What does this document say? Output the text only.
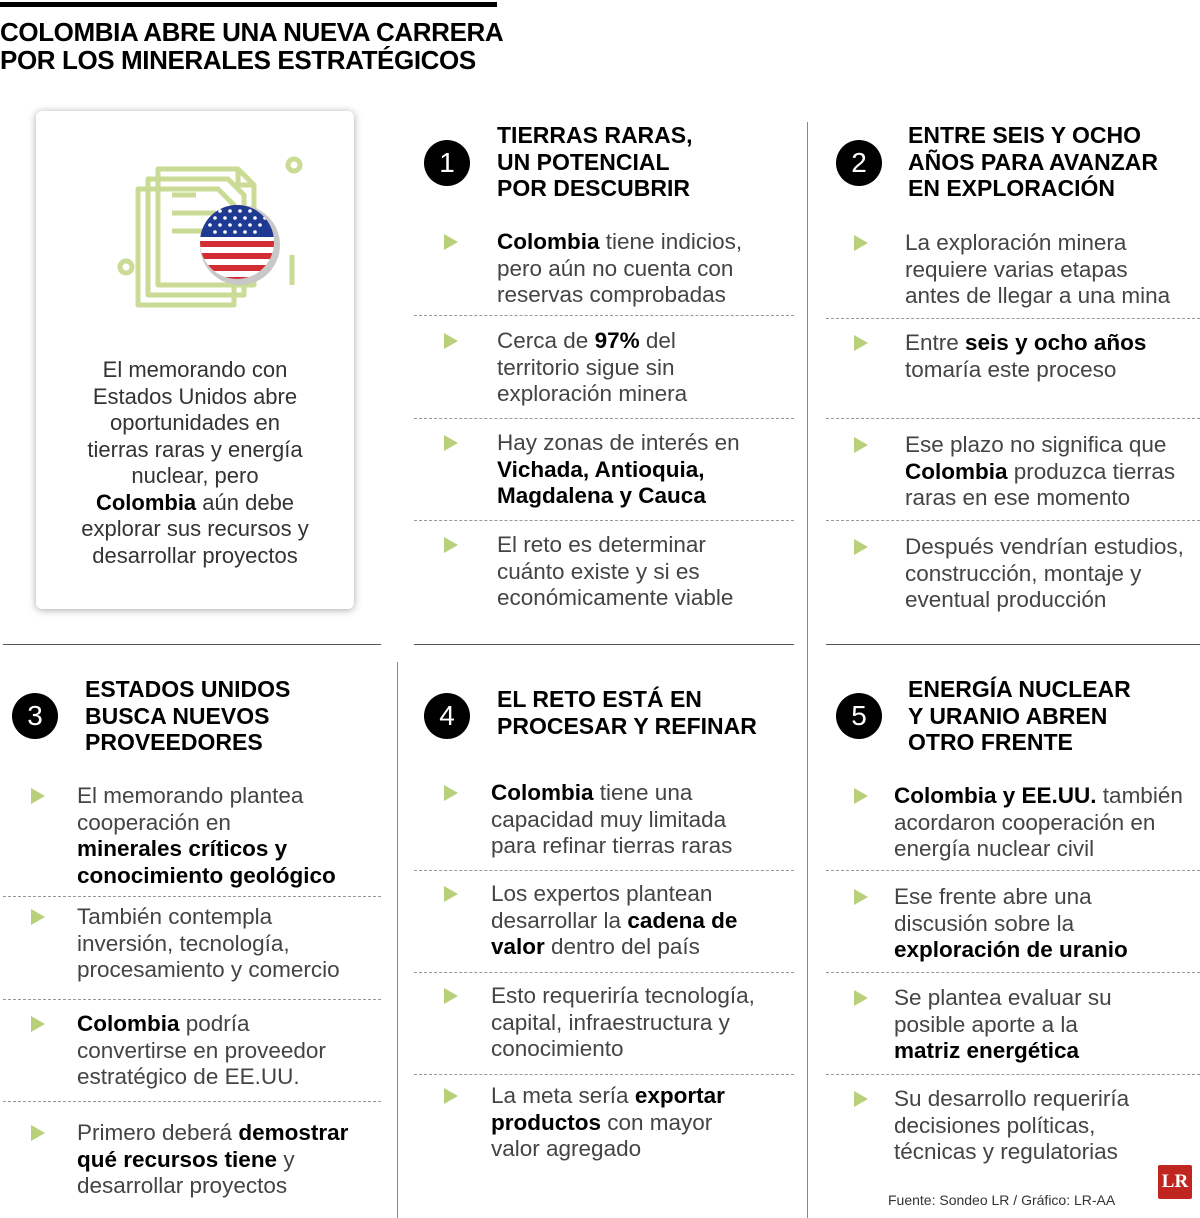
COLOMBIA ABRE UNA NUEVA CARRERA
POR LOS MINERALES ESTRATÉGICOS
El memorando con
Estados Unidos abre
oportunidades en
tierras raras y energía
nuclear, pero
Colombia aún debe
explorar sus recursos y
desarrollar proyectos
1
TIERRAS RARAS,
UN POTENCIAL
POR DESCUBRIR
Colombia tiene indicios,
pero aún no cuenta con
reservas comprobadas
Cerca de 97% del
territorio sigue sin
exploración minera
Hay zonas de interés en
Vichada, Antioquia,
Magdalena y Cauca
El reto es determinar
cuánto existe y si es
económicamente viable
2
ENTRE SEIS Y OCHO
AÑOS PARA AVANZAR
EN EXPLORACIÓN
La exploración minera
requiere varias etapas
antes de llegar a una mina
Entre seis y ocho años
tomaría este proceso
Ese plazo no significa que
Colombia produzca tierras
raras en ese momento
Después vendrían estudios,
construcción, montaje y
eventual producción
3
ESTADOS UNIDOS
BUSCA NUEVOS
PROVEEDORES
El memorando plantea
cooperación en
minerales críticos y
conocimiento geológico
También contempla
inversión, tecnología,
procesamiento y comercio
Colombia podría
convertirse en proveedor
estratégico de EE.UU.
Primero deberá demostrar
qué recursos tiene y
desarrollar proyectos
4
EL RETO ESTÁ EN
PROCESAR Y REFINAR
Colombia tiene una
capacidad muy limitada
para refinar tierras raras
Los expertos plantean
desarrollar la cadena de
valor dentro del país
Esto requeriría tecnología,
capital, infraestructura y
conocimiento
La meta sería exportar
productos con mayor
valor agregado
5
ENERGÍA NUCLEAR
Y URANIO ABREN
OTRO FRENTE
Colombia y EE.UU. también
acordaron cooperación en
energía nuclear civil
Ese frente abre una
discusión sobre la
exploración de uranio
Se plantea evaluar su
posible aporte a la
matriz energética
Su desarrollo requeriría
decisiones políticas,
técnicas y regulatorias
Fuente: Sondeo LR / Gráfico: LR-AA
LR
